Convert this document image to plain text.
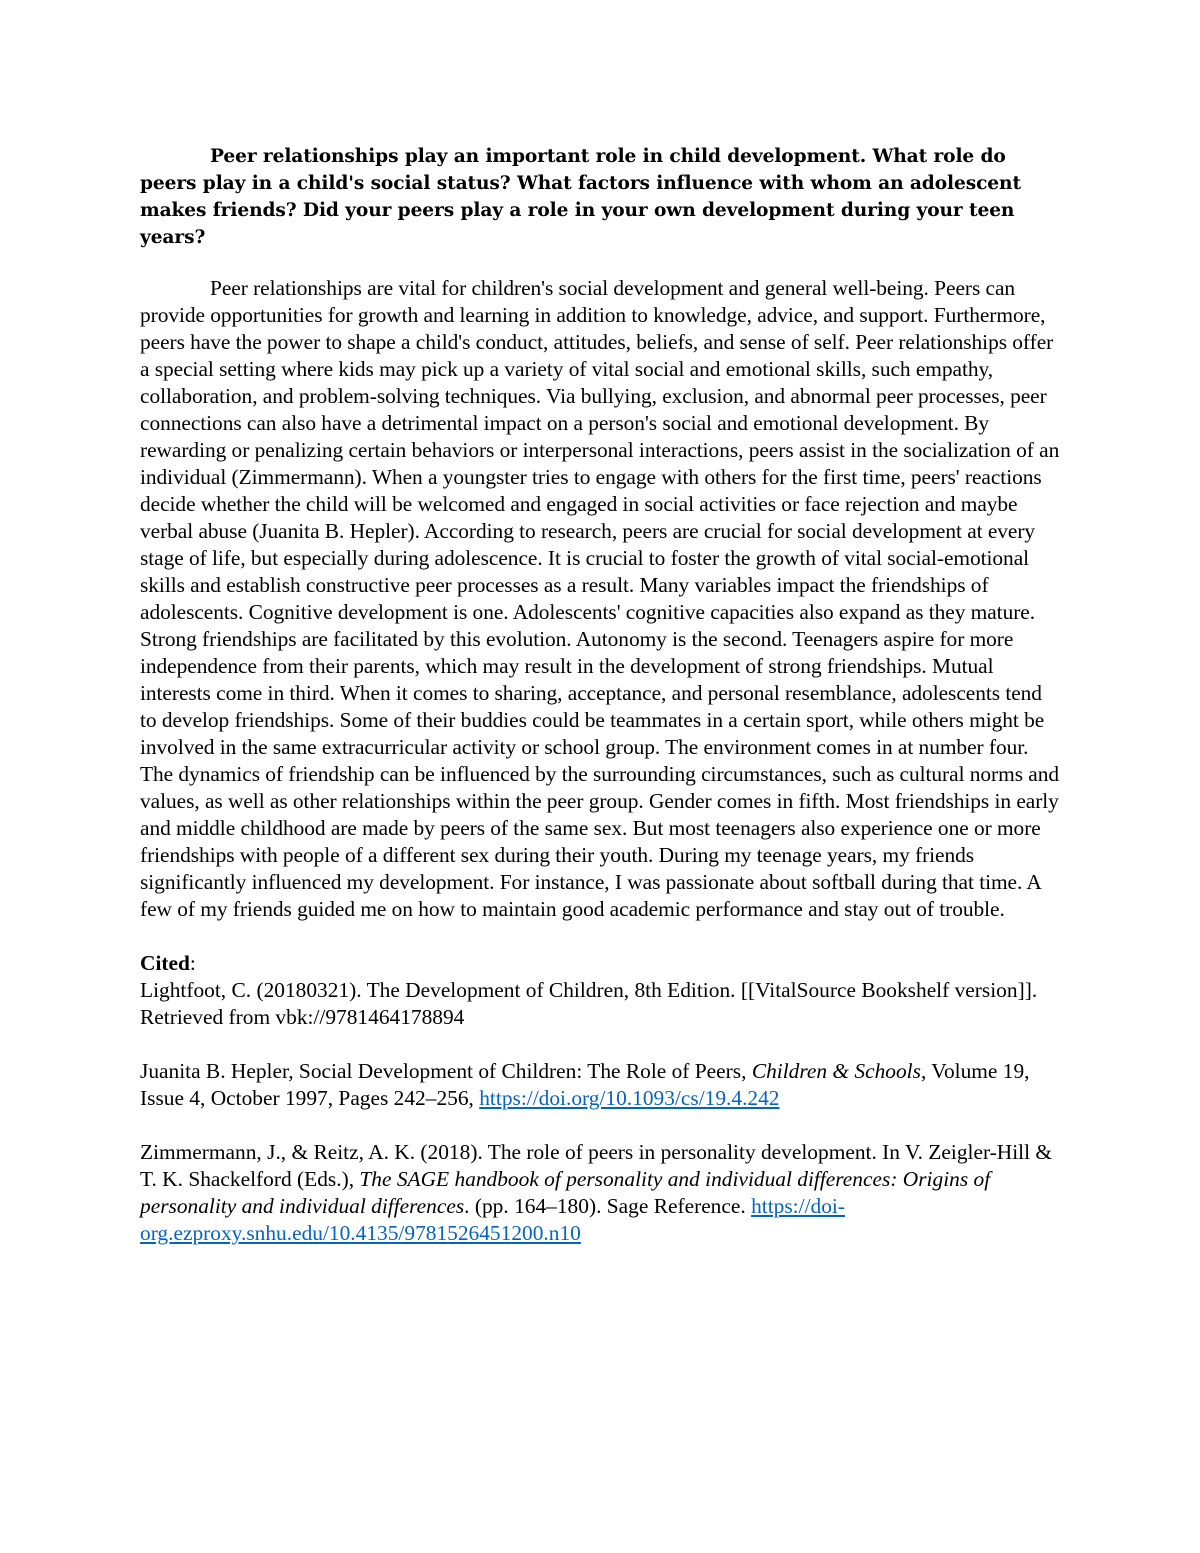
Peer relationships play an important role in child development. What role do peers play in a child's social status? What factors influence with whom an adolescent makes friends? Did your peers play a role in your own development during your teen years?

Peer relationships are vital for children's social development and general well-being. Peers can provide opportunities for growth and learning in addition to knowledge, advice, and support. Furthermore, peers have the power to shape a child's conduct, attitudes, beliefs, and sense of self. Peer relationships offer a special setting where kids may pick up a variety of vital social and emotional skills, such empathy, collaboration, and problem-solving techniques. Via bullying, exclusion, and abnormal peer processes, peer connections can also have a detrimental impact on a person's social and emotional development. By rewarding or penalizing certain behaviors or interpersonal interactions, peers assist in the socialization of an individual (Zimmermann). When a youngster tries to engage with others for the first time, peers' reactions decide whether the child will be welcomed and engaged in social activities or face rejection and maybe verbal abuse (Juanita B. Hepler). According to research, peers are crucial for social development at every stage of life, but especially during adolescence. It is crucial to foster the growth of vital social-emotional skills and establish constructive peer processes as a result. Many variables impact the friendships of adolescents. Cognitive development is one. Adolescents' cognitive capacities also expand as they mature. Strong friendships are facilitated by this evolution. Autonomy is the second. Teenagers aspire for more independence from their parents, which may result in the development of strong friendships. Mutual interests come in third. When it comes to sharing, acceptance, and personal resemblance, adolescents tend to develop friendships. Some of their buddies could be teammates in a certain sport, while others might be involved in the same extracurricular activity or school group. The environment comes in at number four. The dynamics of friendship can be influenced by the surrounding circumstances, such as cultural norms and values, as well as other relationships within the peer group. Gender comes in fifth. Most friendships in early and middle childhood are made by peers of the same sex. But most teenagers also experience one or more friendships with people of a different sex during their youth. During my teenage years, my friends significantly influenced my development. For instance, I was passionate about softball during that time. A few of my friends guided me on how to maintain good academic performance and stay out of trouble.

Cited:

Lightfoot, C. (20180321). The Development of Children, 8th Edition. [[VitalSource Bookshelf version]]. Retrieved from vbk://9781464178894

Juanita B. Hepler, Social Development of Children: The Role of Peers, Children & Schools, Volume 19, Issue 4, October 1997, Pages 242–256, https://doi.org/10.1093/cs/19.4.242

Zimmermann, J., & Reitz, A. K. (2018). The role of peers in personality development. In V. Zeigler-Hill & T. K. Shackelford (Eds.), The SAGE handbook of personality and individual differences: Origins of personality and individual differences. (pp. 164–180). Sage Reference. https://doi-org.ezproxy.snhu.edu/10.4135/9781526451200.n10
